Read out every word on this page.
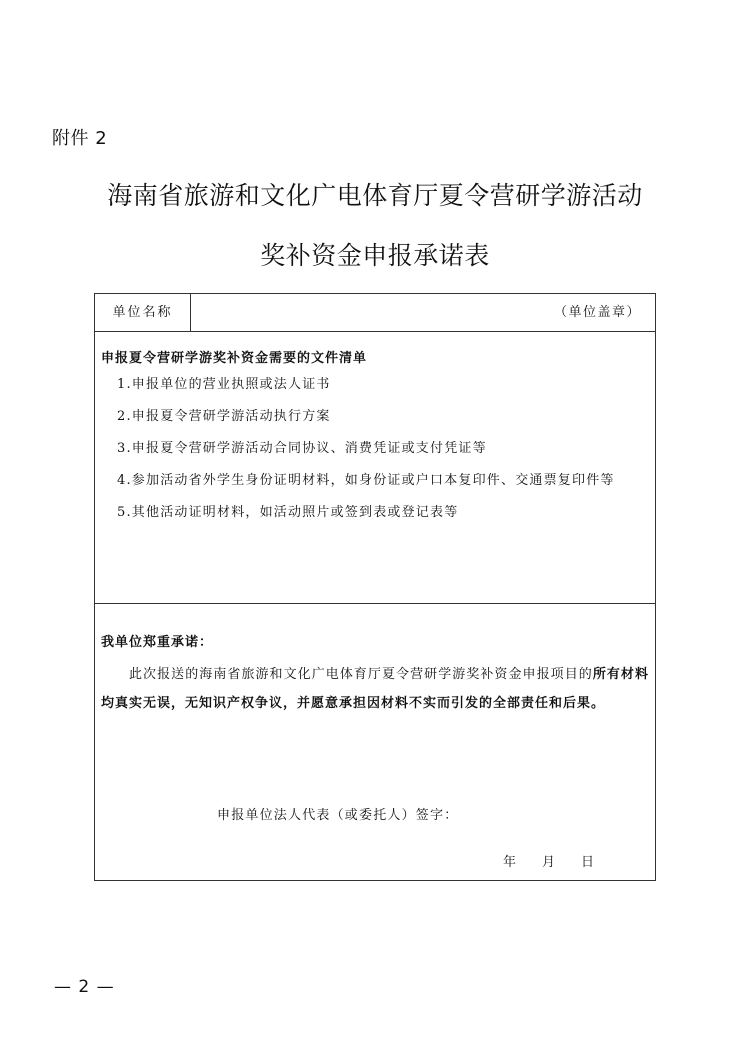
附件 2
海南省旅游和文化广电体育厅夏令营研学游活动
奖补资金申报承诺表
单位名称	（单位盖章）
申报夏令营研学游奖补资金需要的文件清单
1.申报单位的营业执照或法人证书
2.申报夏令营研学游活动执行方案
3.申报夏令营研学游活动合同协议、消费凭证或支付凭证等
4.参加活动省外学生身份证明材料，如身份证或户口本复印件、交通票复印件等
5.其他活动证明材料，如活动照片或签到表或登记表等
我单位郑重承诺：

此次报送的海南省旅游和文化广电体育厅夏令营研学游奖补资金申报项目的所有材料均真实无误，无知识产权争议，并愿意承担因材料不实而引发的全部责任和后果。

申报单位法人代表（或委托人）签字：
年 月 日
— 2 —
